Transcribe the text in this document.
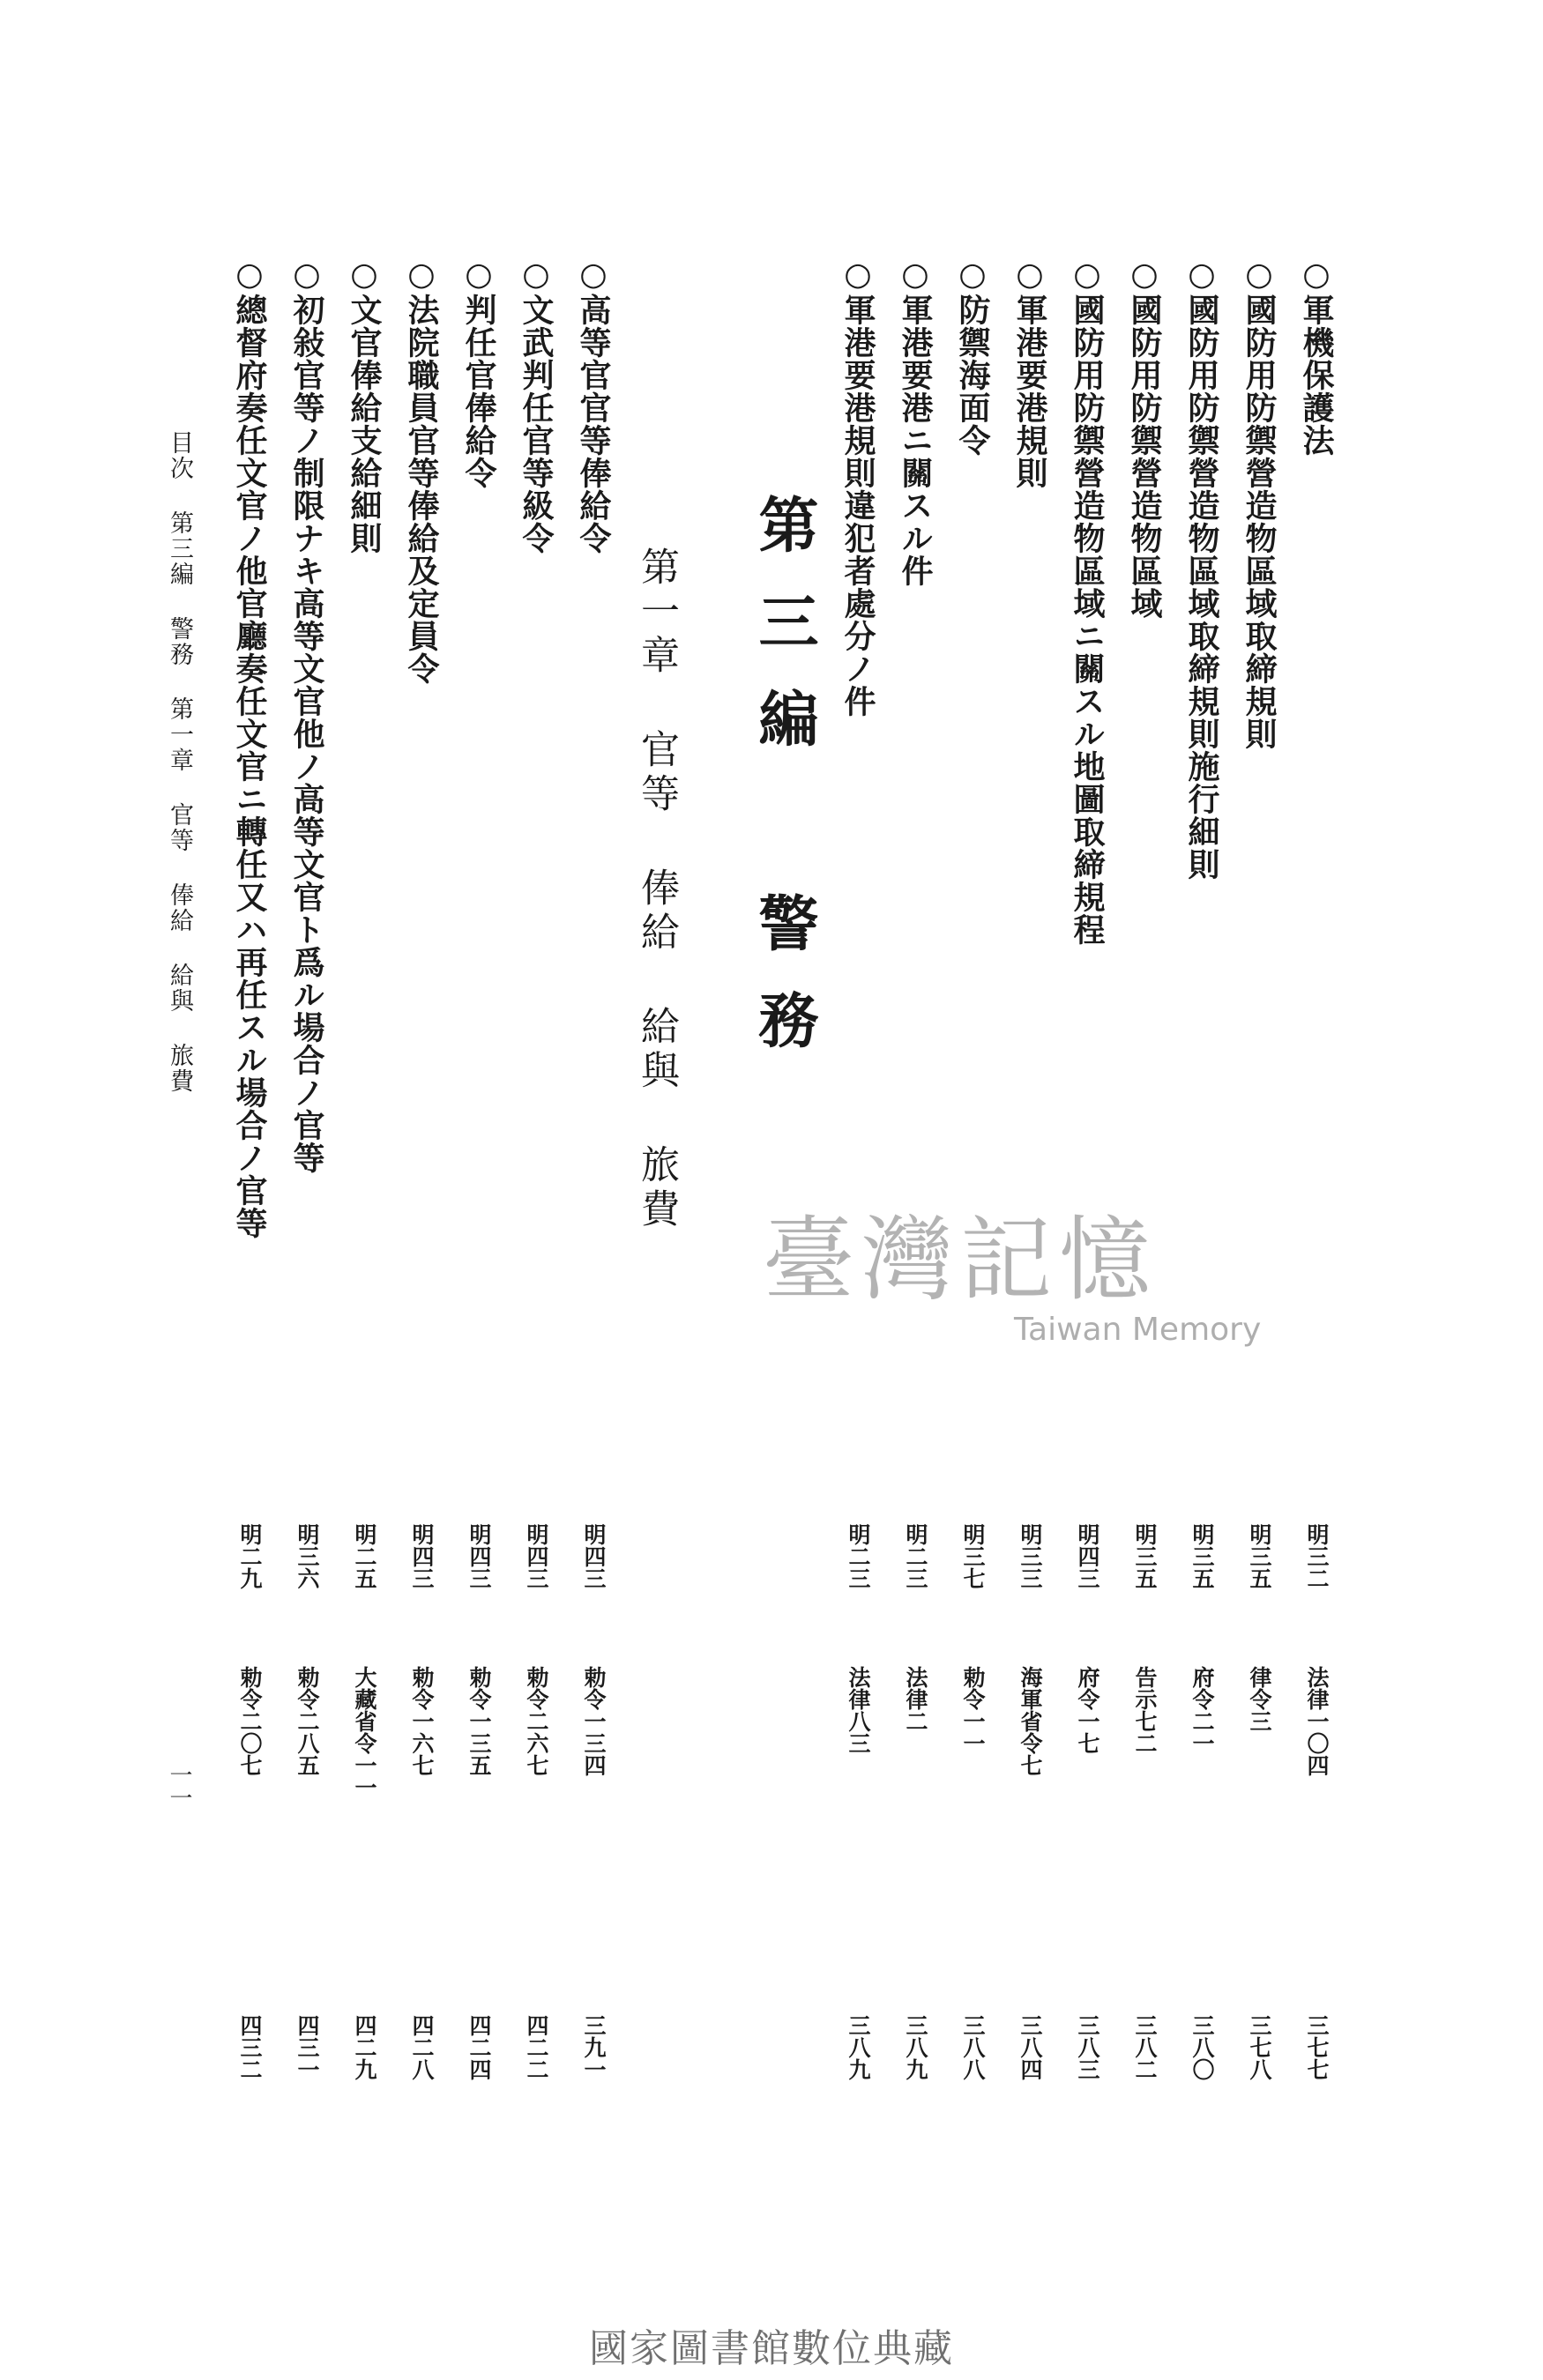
○軍機保護法
明三二
法律一〇四
三七七
○國防用防禦營造物區域取締規則
明三五
律令三
三七八
○國防用防禦營造物區域取締規則施行細則
明三五
府令二一
三八〇
○國防用防禦營造物區域
明三五
告示七二
三八二
○國防用防禦營造物區域ニ關スル地圖取締規程
明四三
府令一七
三八三
○軍港要港規則
明三三
海軍省令七
三八四
○防禦海面令
明三七
勅令一一
三八八
○軍港要港ニ關スル件
明二三
法律二
三八九
○軍港要港規則違犯者處分ノ件
明二三
法律八三
三八九
○高等官官等俸給令
明四三
勅令一三四
三九一
○文武判任官等級令
明四三
勅令二六七
四二二
○判任官俸給令
明四三
勅令一三五
四二四
○法院職員官等俸給及定員令
明四三
勅令一六七
四二八
○文官俸給支給細則
明二五
大藏省令一一
四二九
○初敍官等ノ制限ナキ高等文官他ノ高等文官ト爲ル場合ノ官等
明三六
勅令二八五
四三一
○總督府奏任文官ノ他官廳奏任文官ニ轉任又ハ再任スル場合ノ官等
明二九
勅令二〇七
四三二
第三編 警務
第一章 官等 俸給 給與 旅費
目次 第三編 警務 第一章 官等 俸給 給與 旅費
一一
臺灣記憶
Taiwan Memory
國家圖書館數位典藏
